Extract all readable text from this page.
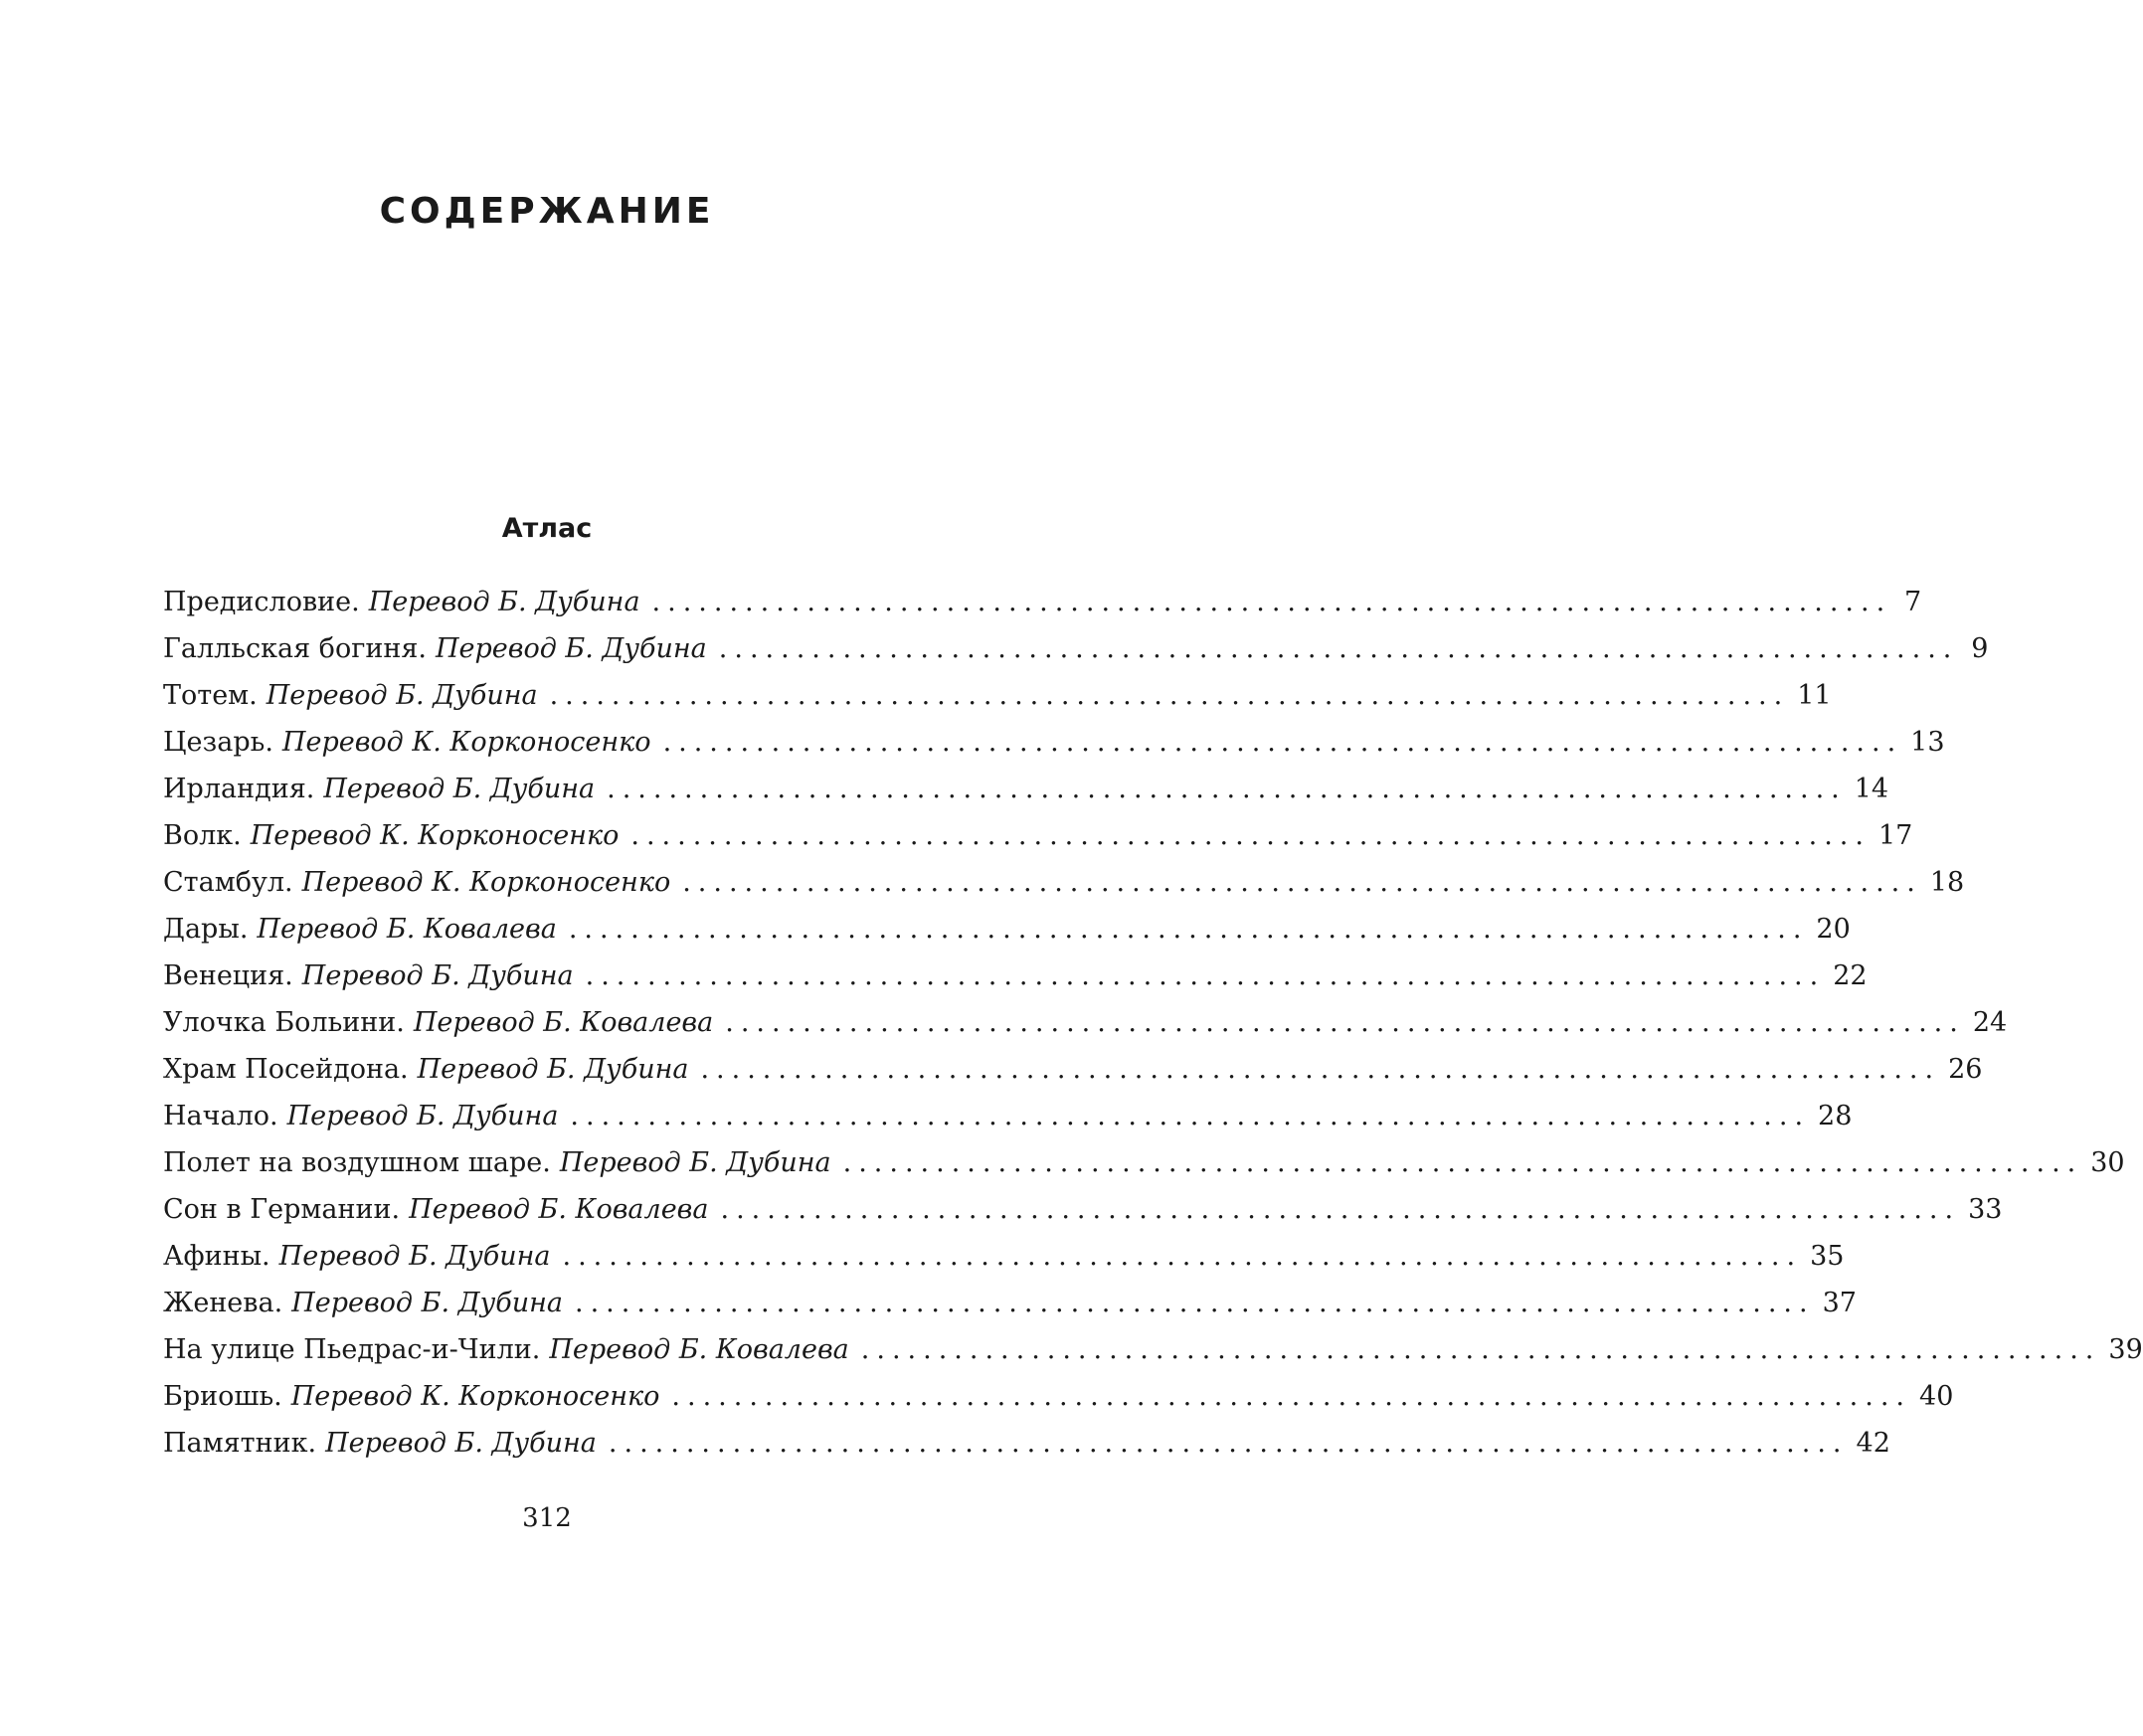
СОДЕРЖАНИЕ
Атлас
Предисловие. Перевод Б. Дубина ................................................................................ 7
Галльская богиня. Перевод Б. Дубина ................................................................................ 9
Тотем. Перевод Б. Дубина ................................................................................ 11
Цезарь. Перевод К. Корконосенко ................................................................................ 13
Ирландия. Перевод Б. Дубина ................................................................................ 14
Волк. Перевод К. Корконосенко ................................................................................ 17
Стамбул. Перевод К. Корконосенко ................................................................................ 18
Дары. Перевод Б. Ковалева ................................................................................ 20
Венеция. Перевод Б. Дубина ................................................................................ 22
Улочка Больини. Перевод Б. Ковалева ................................................................................ 24
Храм Посейдона. Перевод Б. Дубина ................................................................................ 26
Начало. Перевод Б. Дубина ................................................................................ 28
Полет на воздушном шаре. Перевод Б. Дубина ................................................................................ 30
Сон в Германии. Перевод Б. Ковалева ................................................................................ 33
Афины. Перевод Б. Дубина ................................................................................ 35
Женева. Перевод Б. Дубина ................................................................................ 37
На улице Пьедрас-и-Чили. Перевод Б. Ковалева ................................................................................ 39
Бриошь. Перевод К. Корконосенко ................................................................................ 40
Памятник. Перевод Б. Дубина ................................................................................ 42
312
